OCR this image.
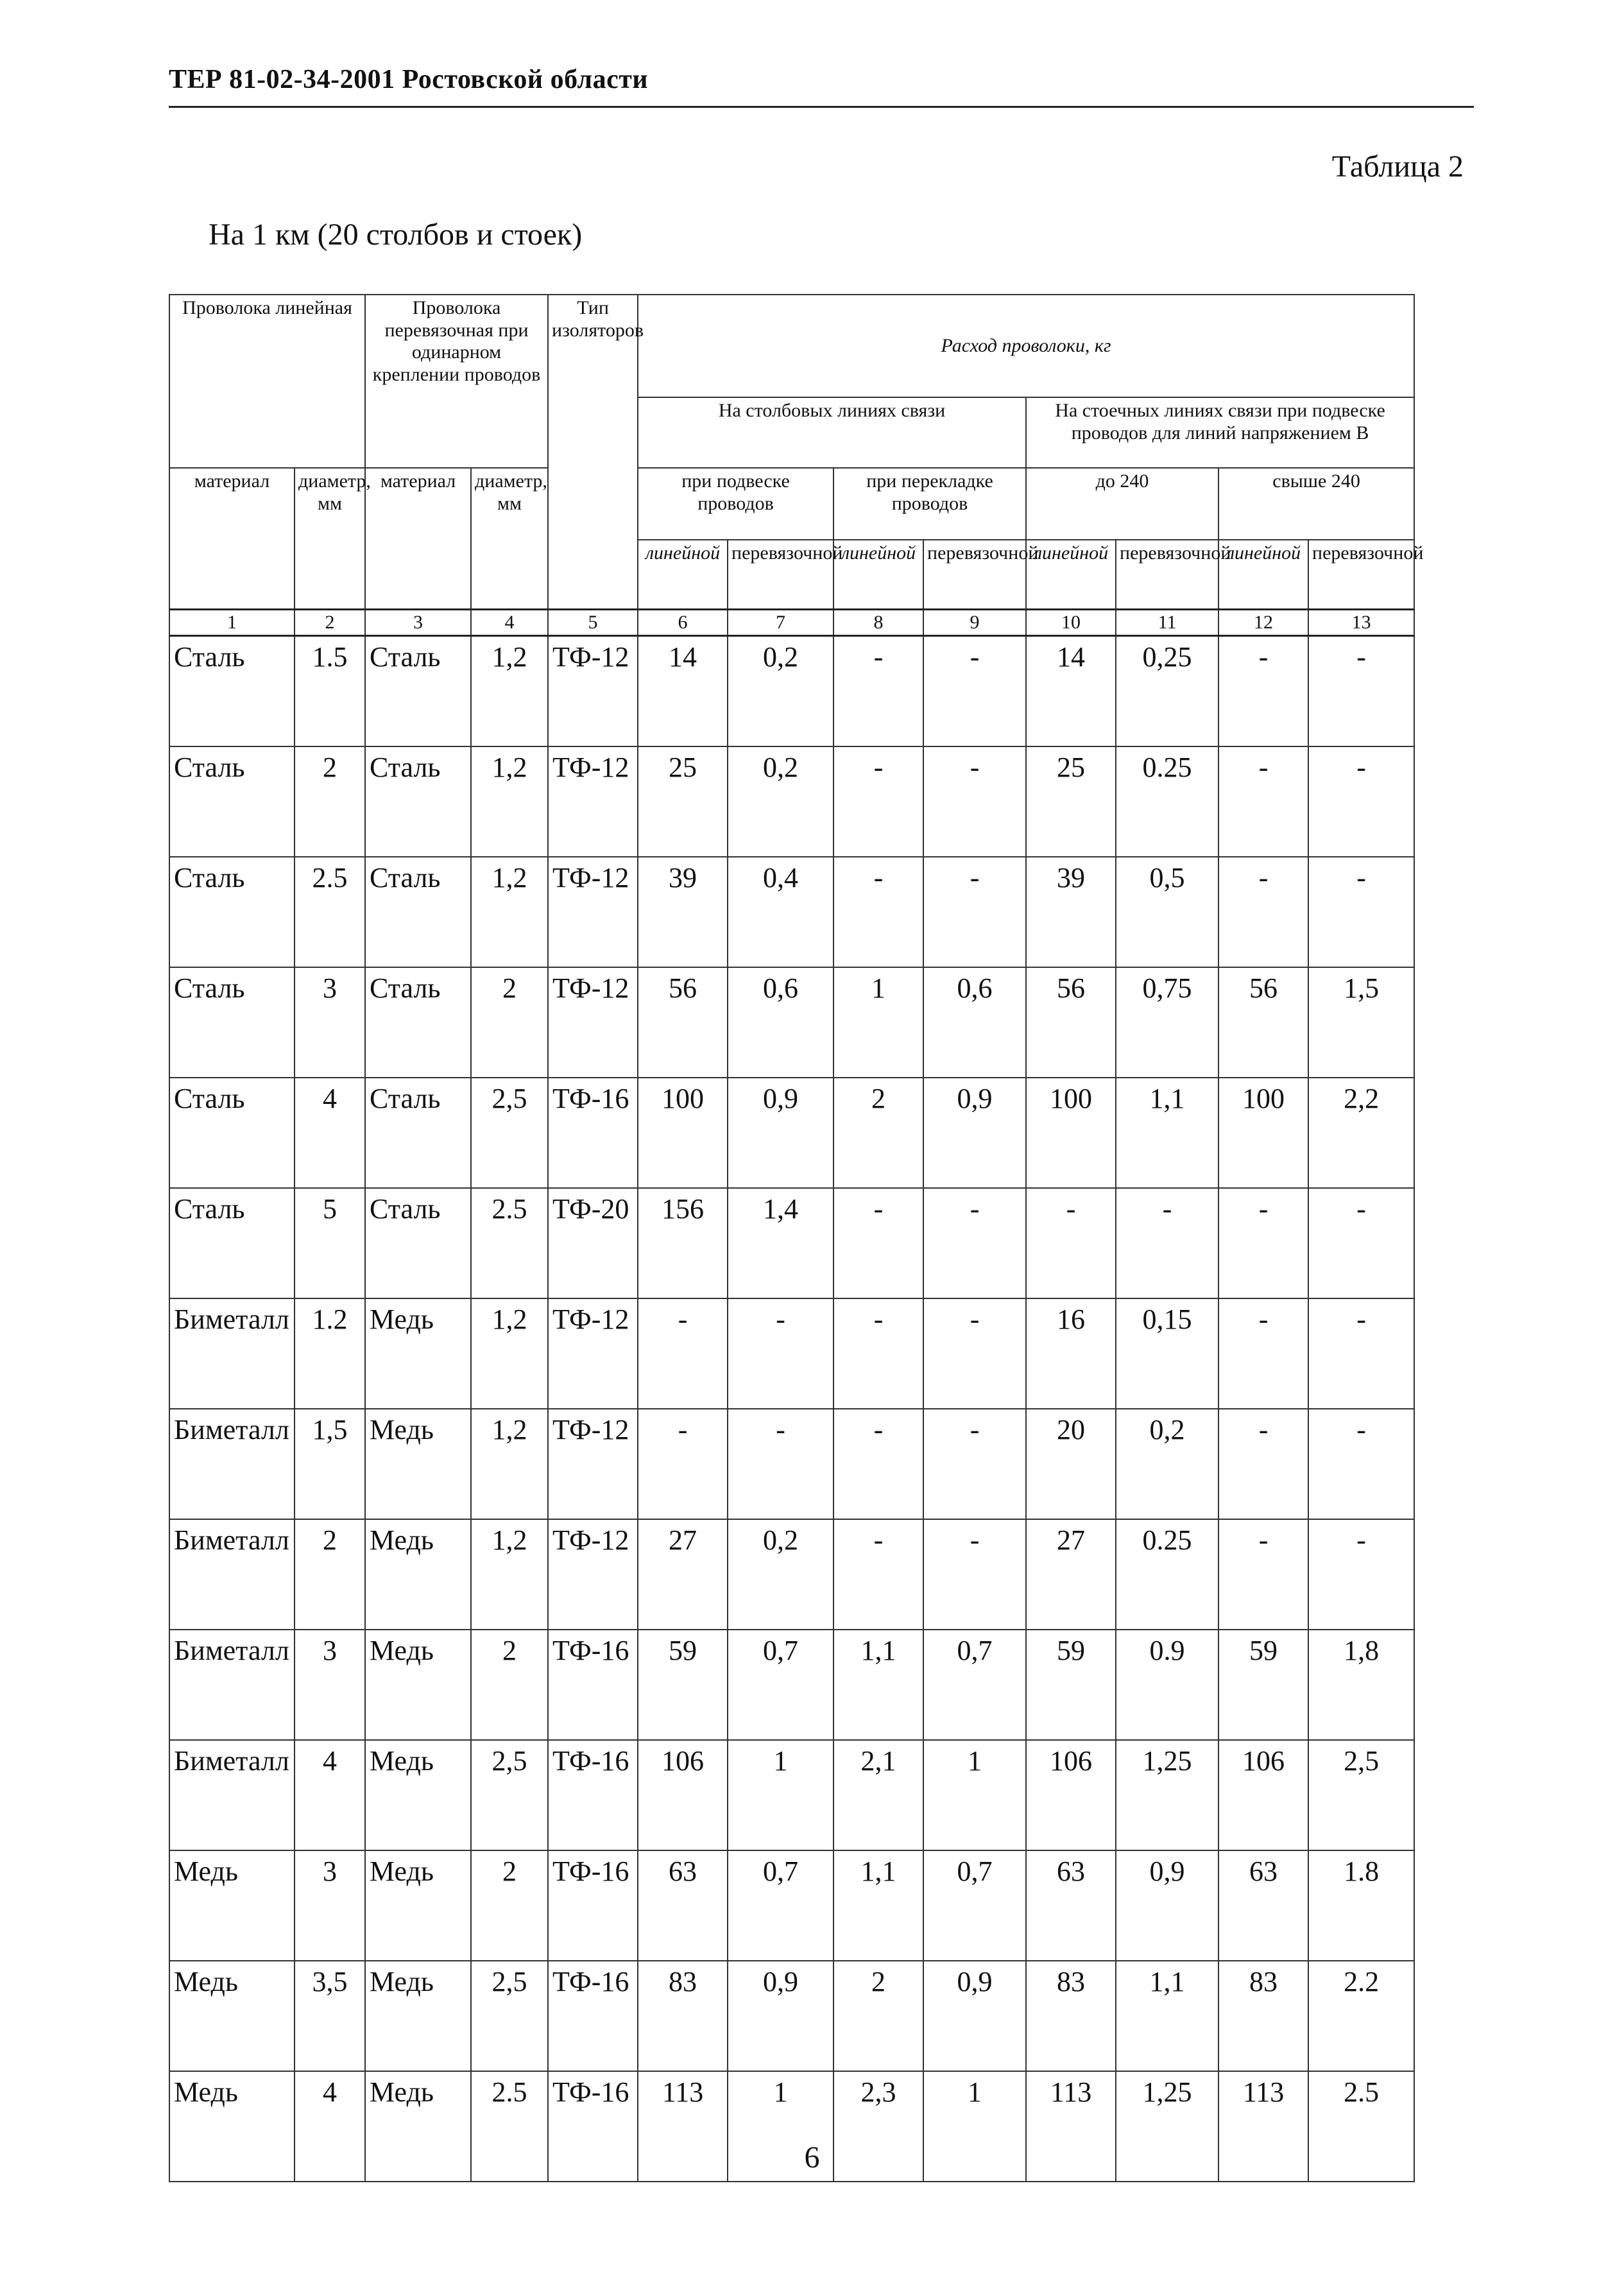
ТЕР 81-02-34-2001 Ростовской области
Таблица 2
На 1 км (20 столбов и стоек)
Проволока линейная		Проволока перевязочная при одинарном креплении проводов		Тип изоляторов	Расход проволоки, кг							
					На столбовых линиях связи				На стоечных линиях связи при подвеске проводов для линий напряжением В			
материал	диаметр, мм	материал	диаметр, мм		при подвеске проводов		при перекладке проводов		до 240		свыше 240	
					линейной	перевязочной	линейной	перевязочной	линейной	перевязочной	линейной	перевязочной
1	2	3	4	5	6	7	8	9	10	11	12	13
Сталь	1.5	Сталь	1,2	ТФ-12	14	0,2	-	-	14	0,25	-	-
Сталь	2	Сталь	1,2	ТФ-12	25	0,2	-	-	25	0.25	-	-
Сталь	2.5	Сталь	1,2	ТФ-12	39	0,4	-	-	39	0,5	-	-
Сталь	3	Сталь	2	ТФ-12	56	0,6	1	0,6	56	0,75	56	1,5
Сталь	4	Сталь	2,5	ТФ-16	100	0,9	2	0,9	100	1,1	100	2,2
Сталь	5	Сталь	2.5	ТФ-20	156	1,4	-	-	-	-	-	-
Биметалл	1.2	Медь	1,2	ТФ-12	-	-	-	-	16	0,15	-	-
Биметалл	1,5	Медь	1,2	ТФ-12	-	-	-	-	20	0,2	-	-
Биметалл	2	Медь	1,2	ТФ-12	27	0,2	-	-	27	0.25	-	-
Биметалл	3	Медь	2	ТФ-16	59	0,7	1,1	0,7	59	0.9	59	1,8
Биметалл	4	Медь	2,5	ТФ-16	106	1	2,1	1	106	1,25	106	2,5
Медь	3	Медь	2	ТФ-16	63	0,7	1,1	0,7	63	0,9	63	1.8
Медь	3,5	Медь	2,5	ТФ-16	83	0,9	2	0,9	83	1,1	83	2.2
Медь	4	Медь	2.5	ТФ-16	113	1	2,3	1	113	1,25	113	2.5
6
